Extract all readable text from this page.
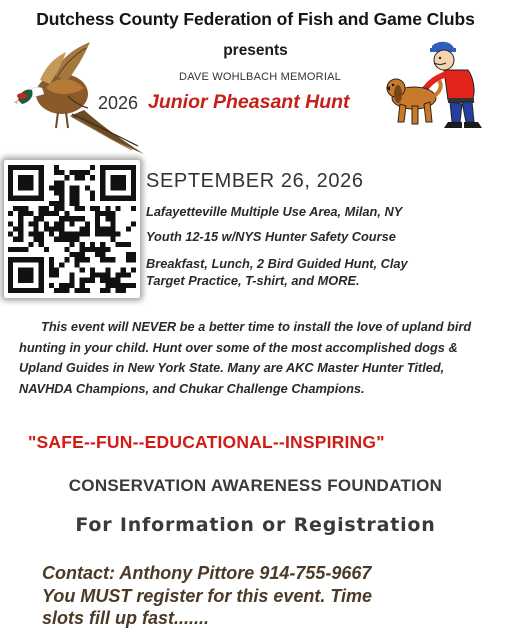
Dutchess County Federation of Fish and Game Clubs
presents
DAVE WOHLBACH MEMORIAL
2026 Junior Pheasant Hunt
SEPTEMBER 26, 2026
Lafayetteville Multiple Use Area, Milan, NY
Youth 12-15 w/NYS Hunter Safety Course
Breakfast, Lunch, 2 Bird Guided Hunt, Clay
Target Practice, T-shirt, and MORE.
This event will NEVER be a better time to install the love of upland bird hunting in your child. Hunt over some of the most accomplished dogs & Upland Guides in New York State. Many are AKC Master Hunter Titled, NAVHDA Champions, and Chukar Challenge Champions.
"SAFE--FUN--EDUCATIONAL--INSPIRING"
CONSERVATION AWARENESS FOUNDATION
For Information or Registration
Contact: Anthony Pittore 914-755-9667
You MUST register for this event. Time
slots fill up fast.......
